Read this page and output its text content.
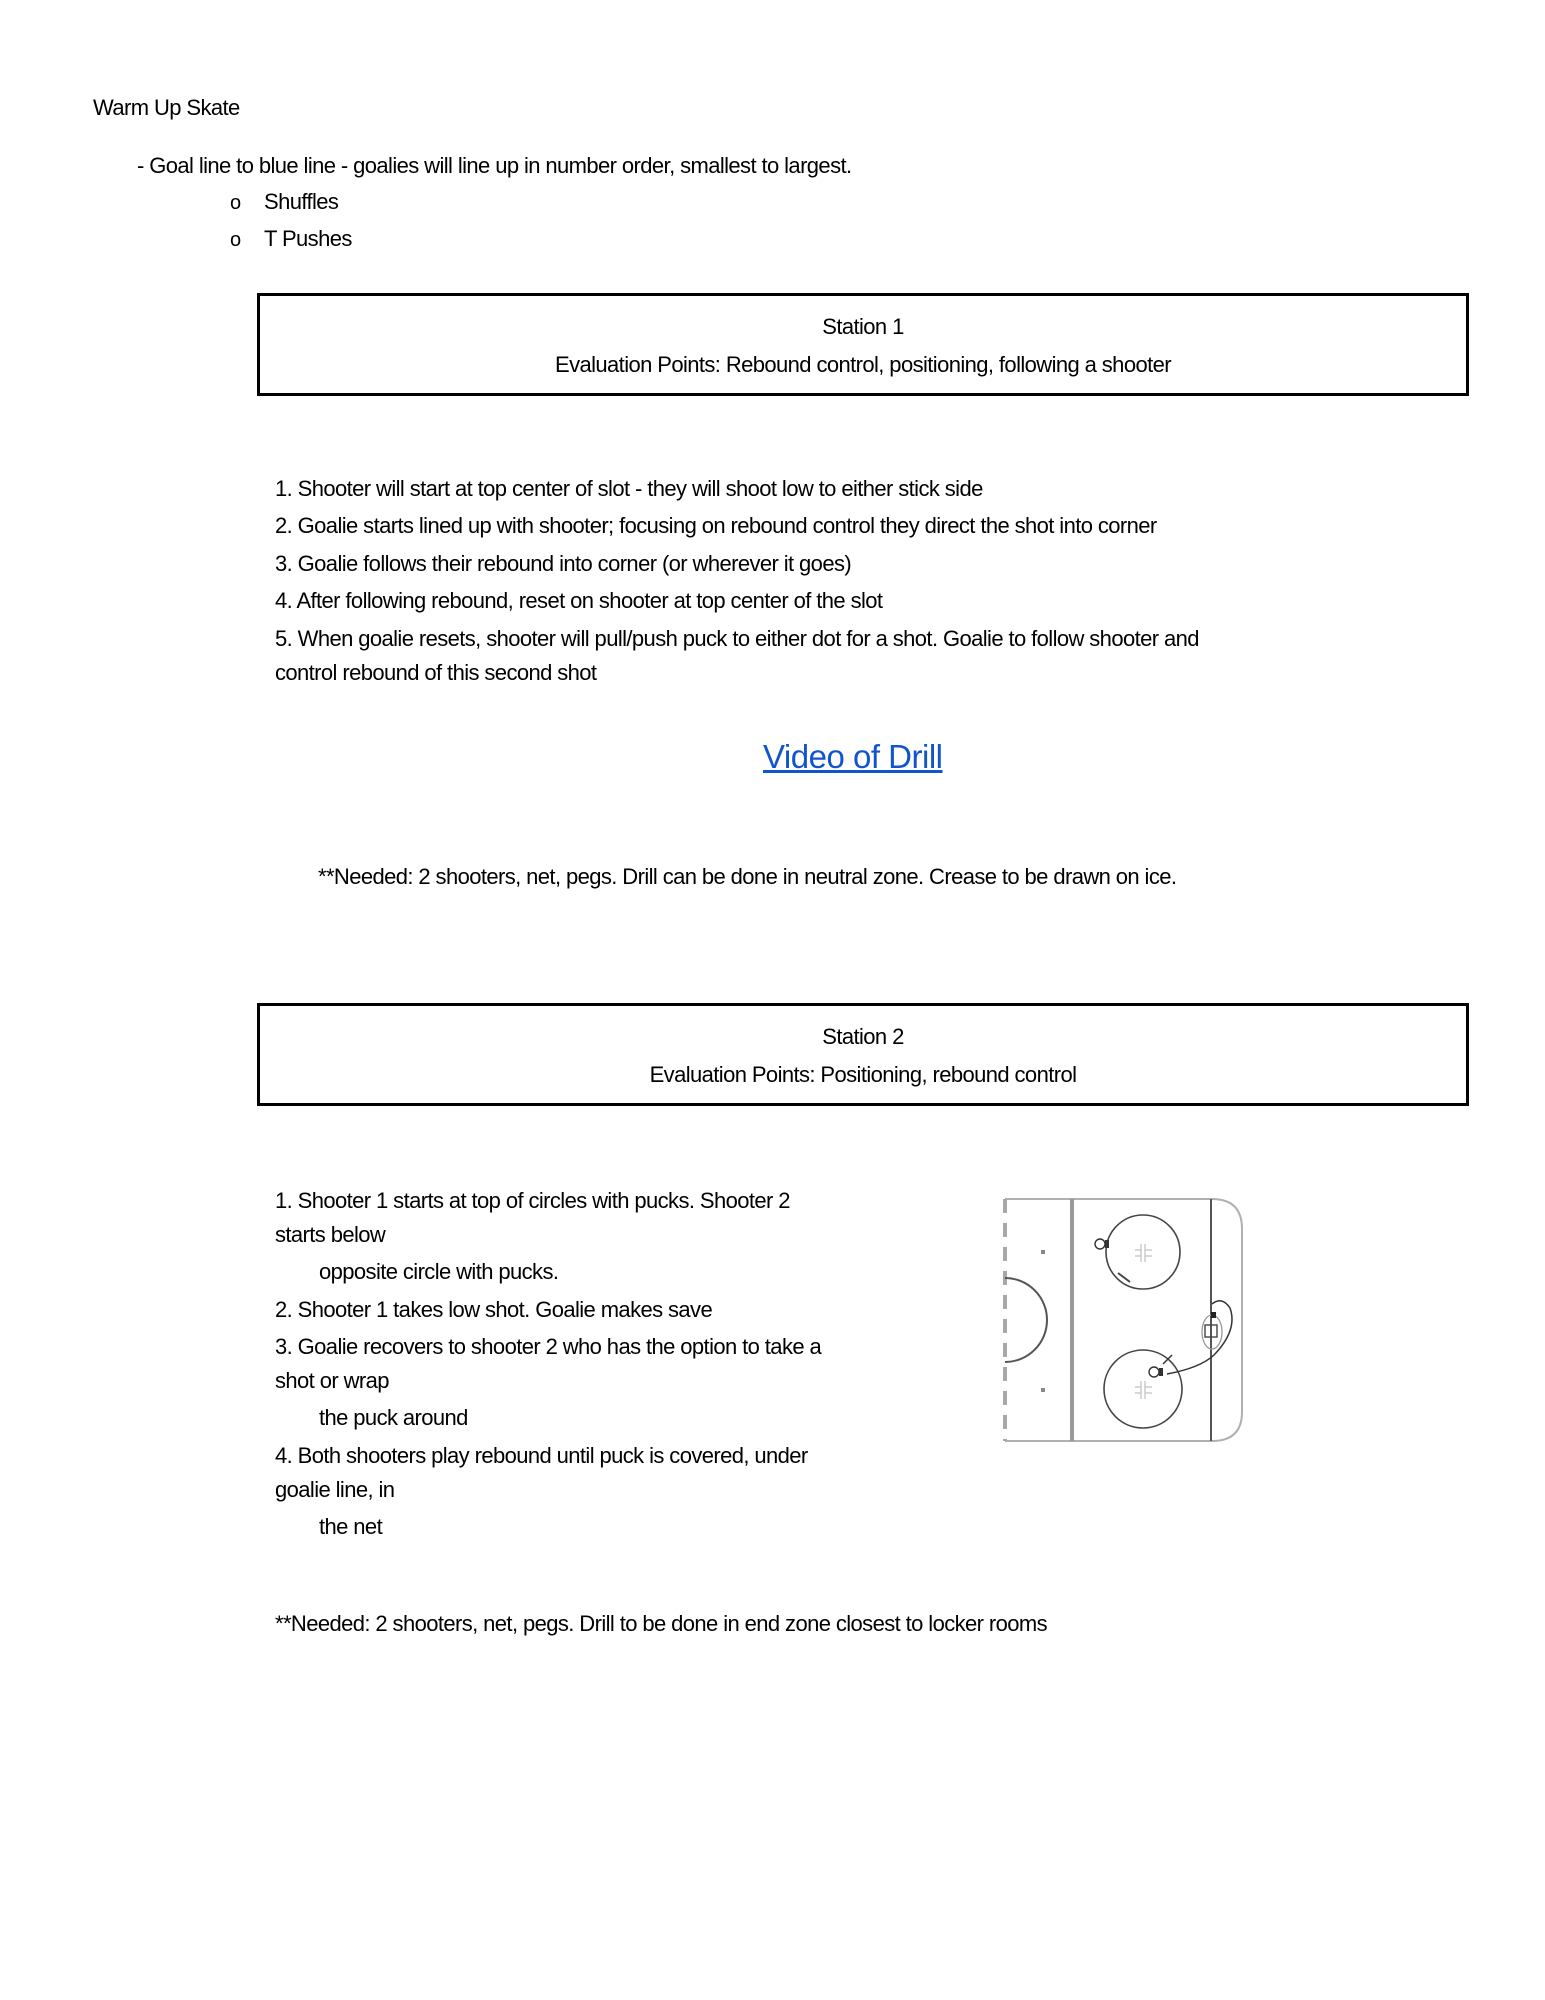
Warm Up Skate
- Goal line to blue line - goalies will line up in number order, smallest to largest.
o Shuffles
o T Pushes
Station 1
Evaluation Points: Rebound control, positioning, following a shooter
1. Shooter will start at top center of slot - they will shoot low to either stick side
2. Goalie starts lined up with shooter; focusing on rebound control they direct the shot into corner
3. Goalie follows their rebound into corner (or wherever it goes)
4. After following rebound, reset on shooter at top center of the slot
5. When goalie resets, shooter will pull/push puck to either dot for a shot. Goalie to follow shooter and
control rebound of this second shot
Video of Drill
**Needed: 2 shooters, net, pegs. Drill can be done in neutral zone. Crease to be drawn on ice.
Station 2
Evaluation Points: Positioning, rebound control
1. Shooter 1 starts at top of circles with pucks. Shooter 2
starts below
opposite circle with pucks.
2. Shooter 1 takes low shot. Goalie makes save
3. Goalie recovers to shooter 2 who has the option to take a
shot or wrap
the puck around
4. Both shooters play rebound until puck is covered, under
goalie line, in
the net
**Needed: 2 shooters, net, pegs. Drill to be done in end zone closest to locker rooms
